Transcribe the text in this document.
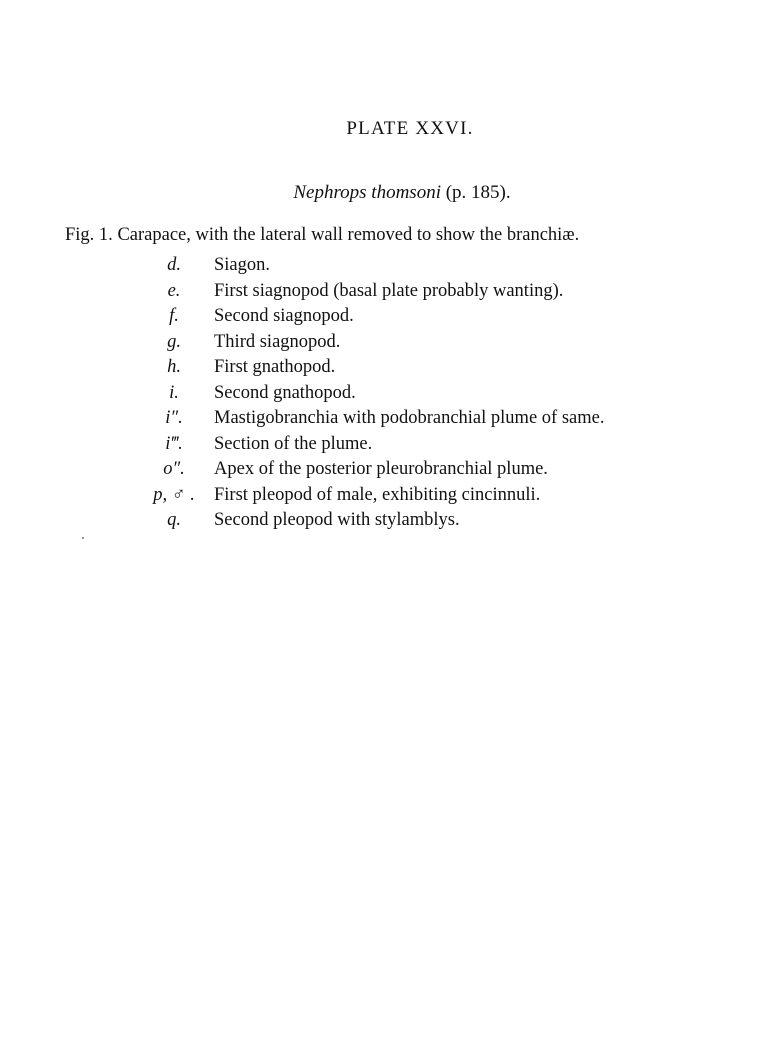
PLATE XXVI.
Nephrops thomsoni (p. 185).
Fig. 1. Carapace, with the lateral wall removed to show the branchiæ.
d.	Siagon.
e.	First siagnopod (basal plate probably wanting).
f.	Second siagnopod.
g.	Third siagnopod.
h.	First gnathopod.
i.	Second gnathopod.
i″.	Mastigobranchia with podobranchial plume of same.
i‴.	Section of the plume.
o″.	Apex of the posterior pleurobranchial plume.
p, ♂ .	First pleopod of male, exhibiting cincinnuli.
q.	Second pleopod with stylamblys.
